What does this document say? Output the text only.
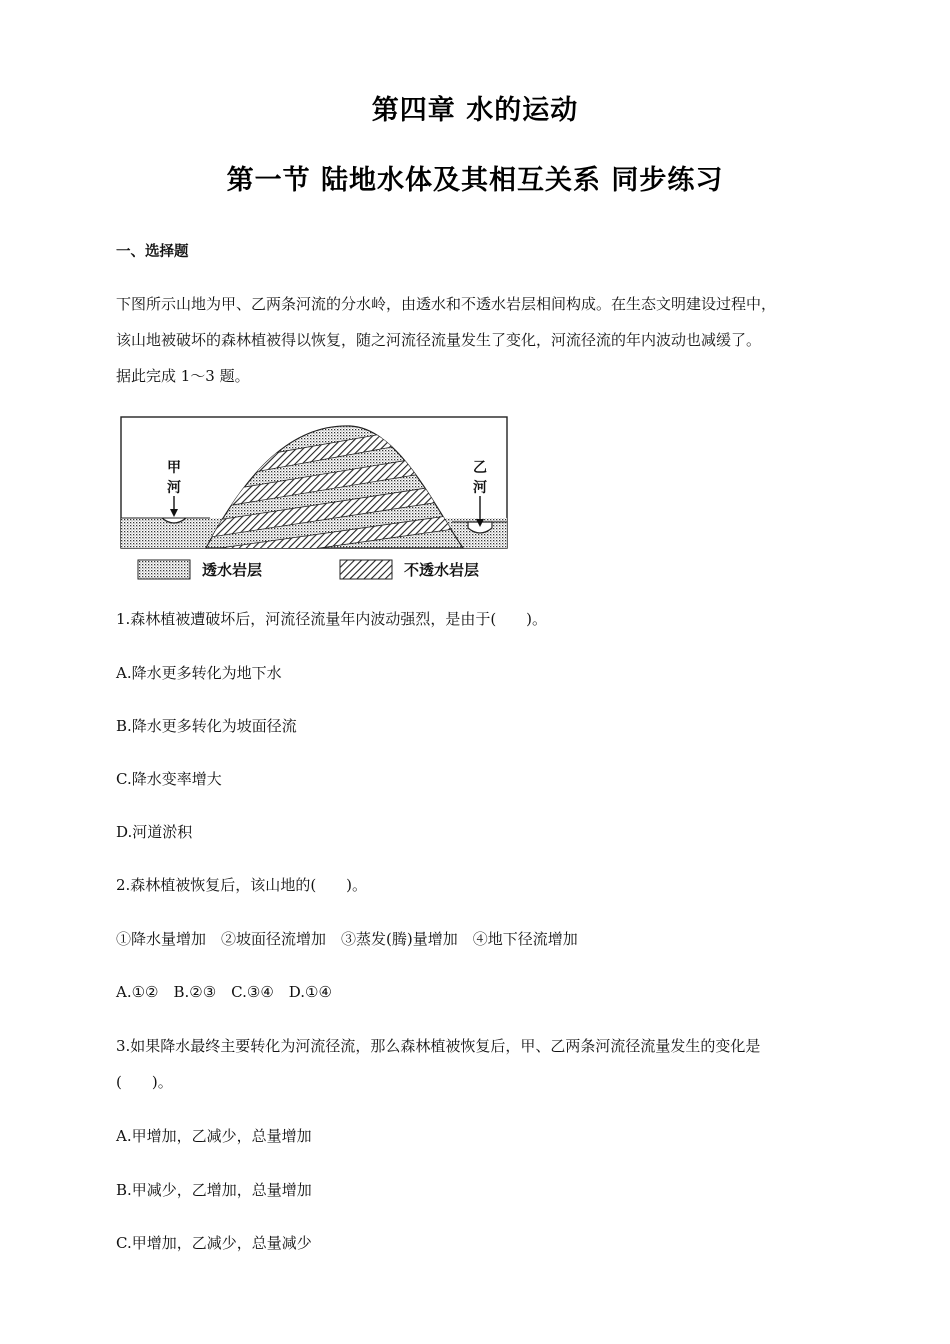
第四章 水的运动
第一节 陆地水体及其相互关系 同步练习
一、选择题

下图所示山地为甲、乙两条河流的分水岭，由透水和不透水岩层相间构成。在生态文明建设过程中，

该山地被破坏的森林植被得以恢复，随之河流径流量发生了变化，河流径流的年内波动也减缓了。

据此完成 1～3 题。

甲
河
乙
河
透水岩层	不透水岩层
1.森林植被遭破坏后，河流径流量年内波动强烈，是由于(　　)。
A.降水更多转化为地下水
B.降水更多转化为坡面径流
C.降水变率增大
D.河道淤积
2.森林植被恢复后，该山地的(　　)。
①降水量增加　②坡面径流增加　③蒸发(腾)量增加　④地下径流增加
A.①②　B.②③　C.③④　D.①④
3.如果降水最终主要转化为河流径流，那么森林植被恢复后，甲、乙两条河流径流量发生的变化是
(　　)。
A.甲增加，乙减少，总量增加
B.甲减少，乙增加，总量增加
C.甲增加，乙减少，总量减少
